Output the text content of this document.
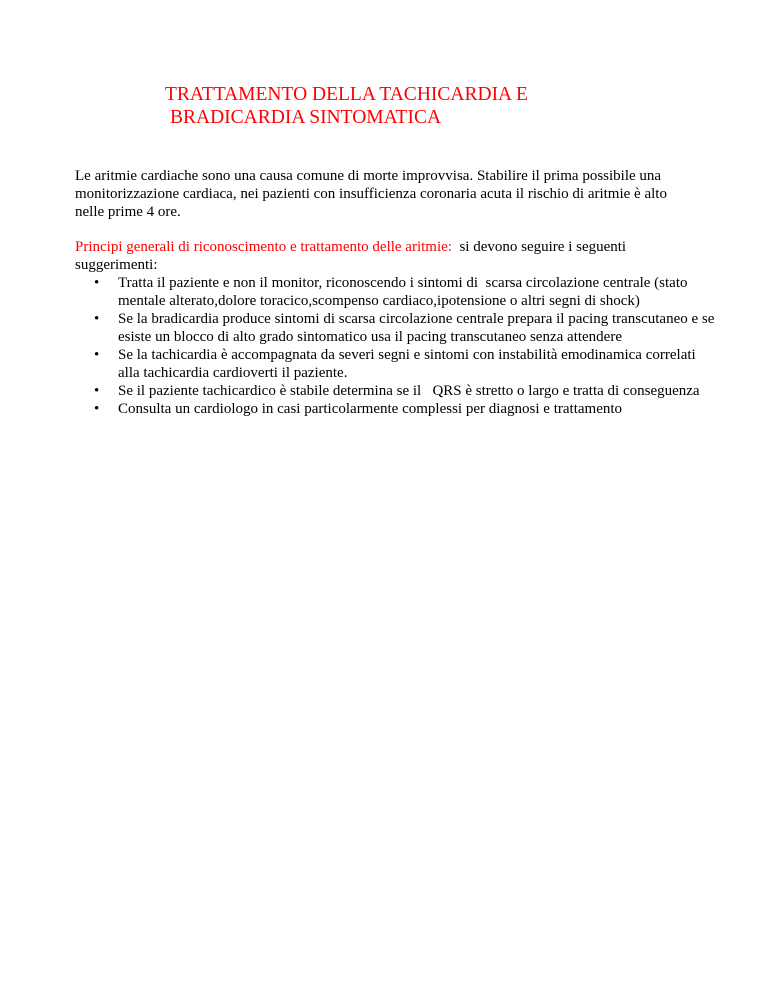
TRATTAMENTO DELLA TACHICARDIA E
BRADICARDIA SINTOMATICA

Le aritmie cardiache sono una causa comune di morte improvvisa. Stabilire il prima possibile una monitorizzazione cardiaca, nei pazienti con insufficienza coronaria acuta il rischio di aritmie è alto nelle prime 4 ore.

Principi generali di riconoscimento e trattamento delle aritmie:  si devono seguire i seguenti suggerimenti:

• Tratta il paziente e non il monitor, riconoscendo i sintomi di  scarsa circolazione centrale (stato mentale alterato,dolore toracico,scompenso cardiaco,ipotensione o altri segni di shock)
• Se la bradicardia produce sintomi di scarsa circolazione centrale prepara il pacing transcutaneo e se esiste un blocco di alto grado sintomatico usa il pacing transcutaneo senza attendere
• Se la tachicardia è accompagnata da severi segni e sintomi con instabilità emodinamica correlati alla tachicardia cardioverti il paziente.
• Se il paziente tachicardico è stabile determina se il   QRS è stretto o largo e tratta di conseguenza
• Consulta un cardiologo in casi particolarmente complessi per diagnosi e trattamento
